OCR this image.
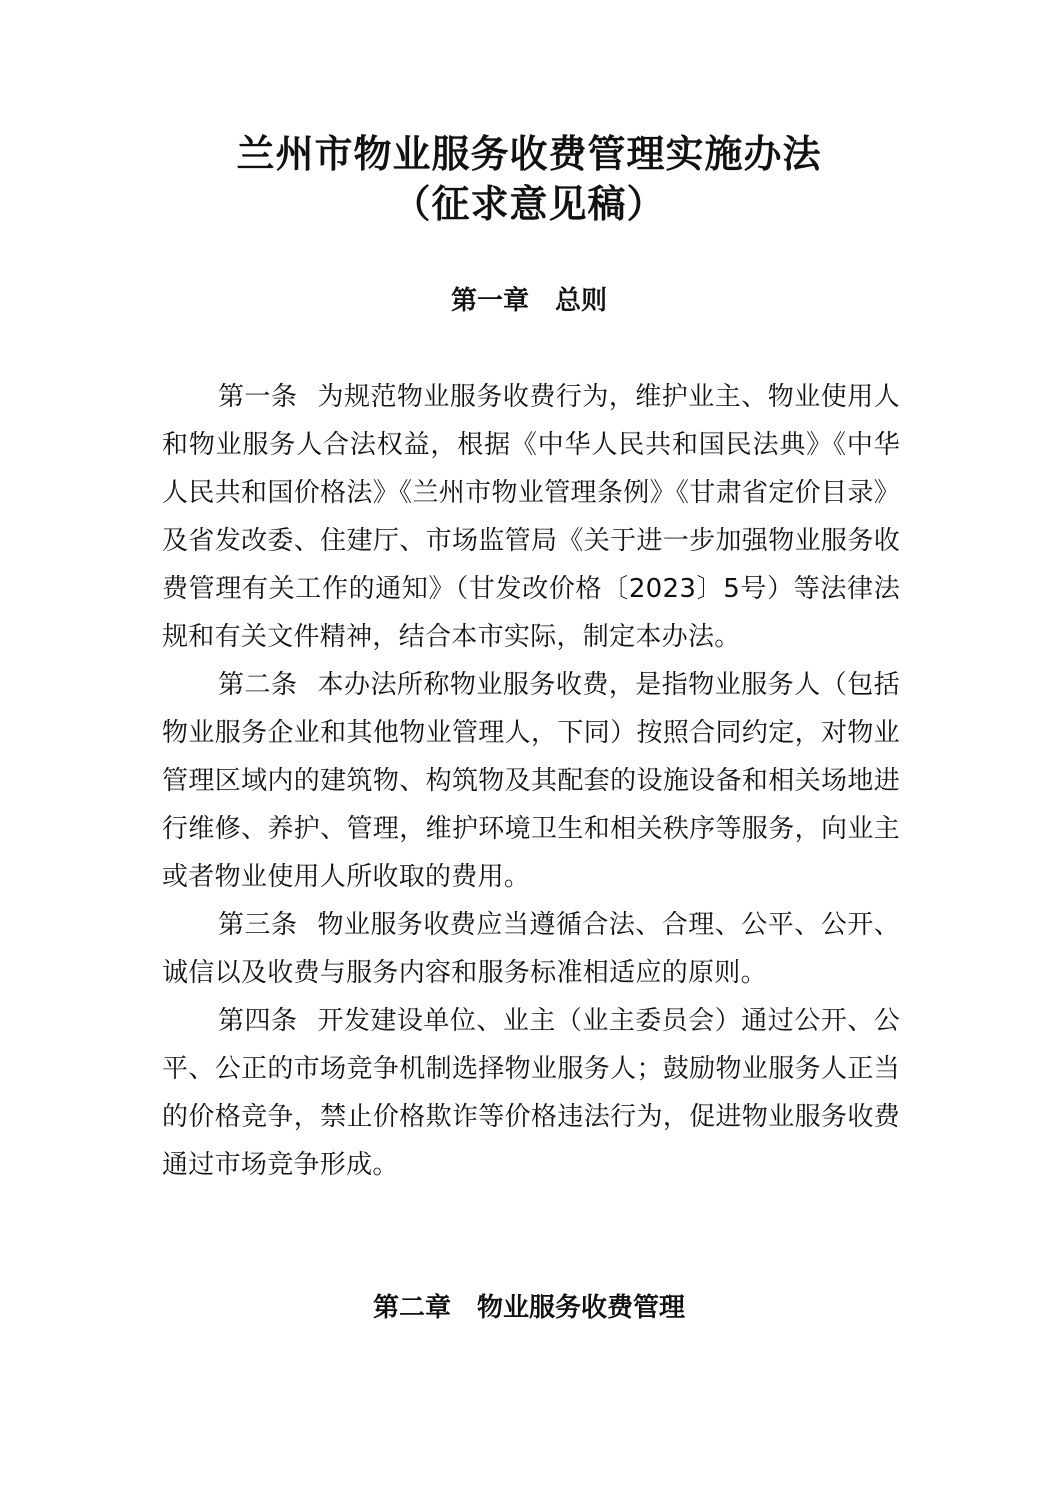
兰州市物业服务收费管理实施办法
（征求意见稿）
第一章　总则

第一条 为规范物业服务收费行为，维护业主、物业使用人和物业服务人合法权益，根据《中华人民共和国民法典》《中华人民共和国价格法》《兰州市物业管理条例》《甘肃省定价目录》及省发改委、住建厅、市场监管局《关于进一步加强物业服务收费管理有关工作的通知》（甘发改价格〔2023〕5号）等法律法规和有关文件精神，结合本市实际，制定本办法。

第二条 本办法所称物业服务收费，是指物业服务人（包括物业服务企业和其他物业管理人，下同）按照合同约定，对物业管理区域内的建筑物、构筑物及其配套的设施设备和相关场地进行维修、养护、管理，维护环境卫生和相关秩序等服务，向业主或者物业使用人所收取的费用。

第三条 物业服务收费应当遵循合法、合理、公平、公开、诚信以及收费与服务内容和服务标准相适应的原则。

第四条 开发建设单位、业主（业主委员会）通过公开、公平、公正的市场竞争机制选择物业服务人；鼓励物业服务人正当的价格竞争，禁止价格欺诈等价格违法行为，促进物业服务收费通过市场竞争形成。

第二章　物业服务收费管理
